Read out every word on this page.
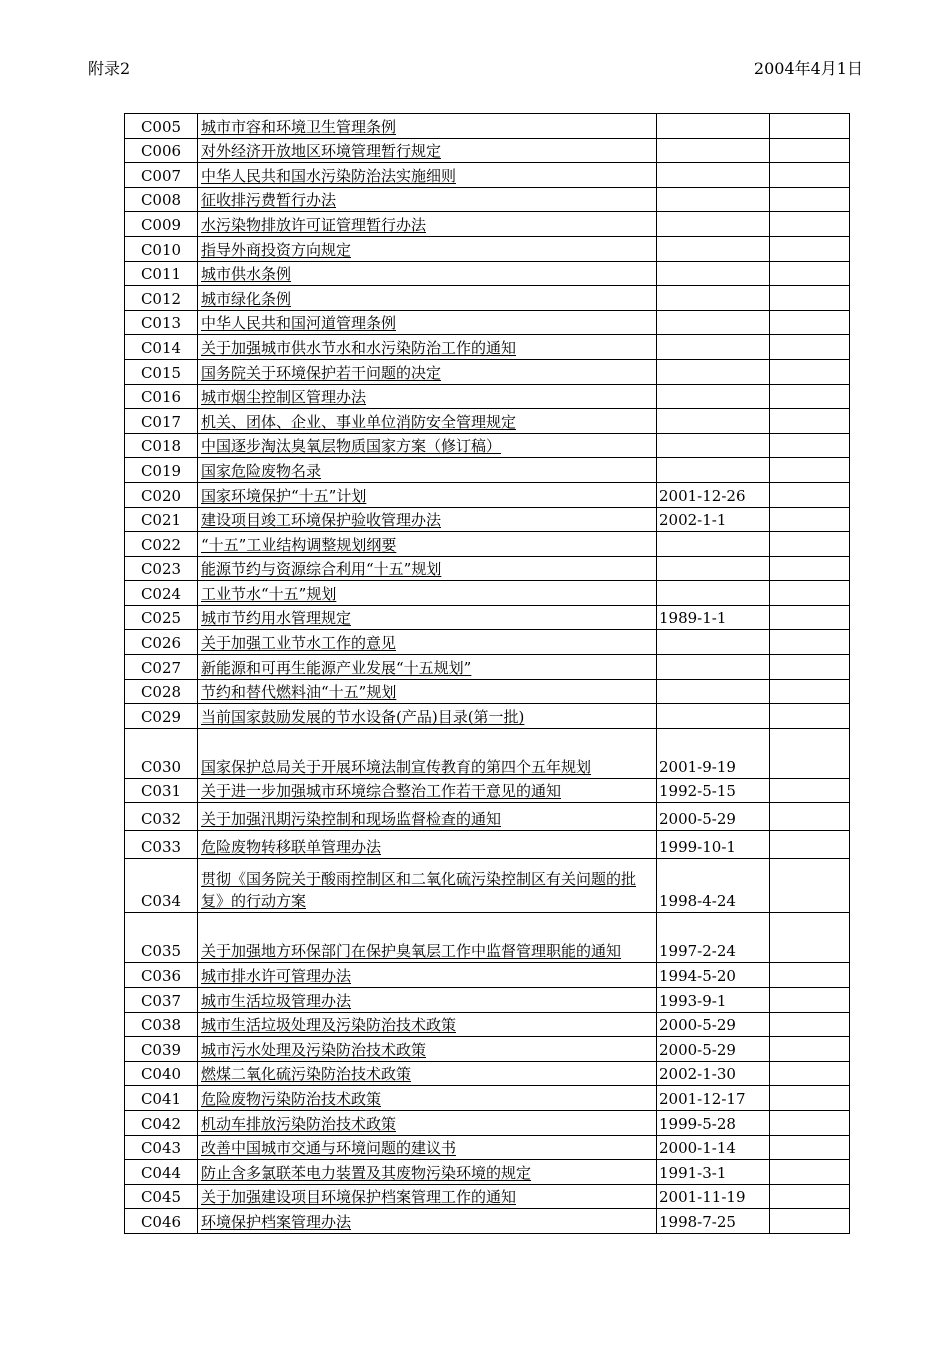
附录2	2004年4月1日
C005	城市市容和环境卫生管理条例		
C006	对外经济开放地区环境管理暂行规定		
C007	中华人民共和国水污染防治法实施细则		
C008	征收排污费暂行办法		
C009	水污染物排放许可证管理暂行办法		
C010	指导外商投资方向规定		
C011	城市供水条例		
C012	城市绿化条例		
C013	中华人民共和国河道管理条例		
C014	关于加强城市供水节水和水污染防治工作的通知		
C015	国务院关于环境保护若干问题的决定		
C016	城市烟尘控制区管理办法		
C017	机关、团体、企业、事业单位消防安全管理规定		
C018	中国逐步淘汰臭氧层物质国家方案（修订稿）		
C019	国家危险废物名录		
C020	国家环境保护“十五”计划	2001-12-26	
C021	建设项目竣工环境保护验收管理办法	2002-1-1	
C022	“十五”工业结构调整规划纲要		
C023	能源节约与资源综合利用“十五”规划		
C024	工业节水“十五”规划		
C025	城市节约用水管理规定	1989-1-1	
C026	关于加强工业节水工作的意见		
C027	新能源和可再生能源产业发展“十五规划”		
C028	节约和替代燃料油“十五”规划		
C029	当前国家鼓励发展的节水设备(产品)目录(第一批)		
C030	国家保护总局关于开展环境法制宣传教育的第四个五年规划	2001-9-19	
C031	关于进一步加强城市环境综合整治工作若干意见的通知	1992-5-15	
C032	关于加强汛期污染控制和现场监督检查的通知	2000-5-29	
C033	危险废物转移联单管理办法	1999-10-1	
C034	贯彻《国务院关于酸雨控制区和二氧化硫污染控制区有关问题的批复》的行动方案	1998-4-24	
C035	关于加强地方环保部门在保护臭氧层工作中监督管理职能的通知	1997-2-24	
C036	城市排水许可管理办法	1994-5-20	
C037	城市生活垃圾管理办法	1993-9-1	
C038	城市生活垃圾处理及污染防治技术政策	2000-5-29	
C039	城市污水处理及污染防治技术政策	2000-5-29	
C040	燃煤二氧化硫污染防治技术政策	2002-1-30	
C041	危险废物污染防治技术政策	2001-12-17	
C042	机动车排放污染防治技术政策	1999-5-28	
C043	改善中国城市交通与环境问题的建议书	2000-1-14	
C044	防止含多氯联苯电力装置及其废物污染环境的规定	1991-3-1	
C045	关于加强建设项目环境保护档案管理工作的通知	2001-11-19	
C046	环境保护档案管理办法	1998-7-25	
